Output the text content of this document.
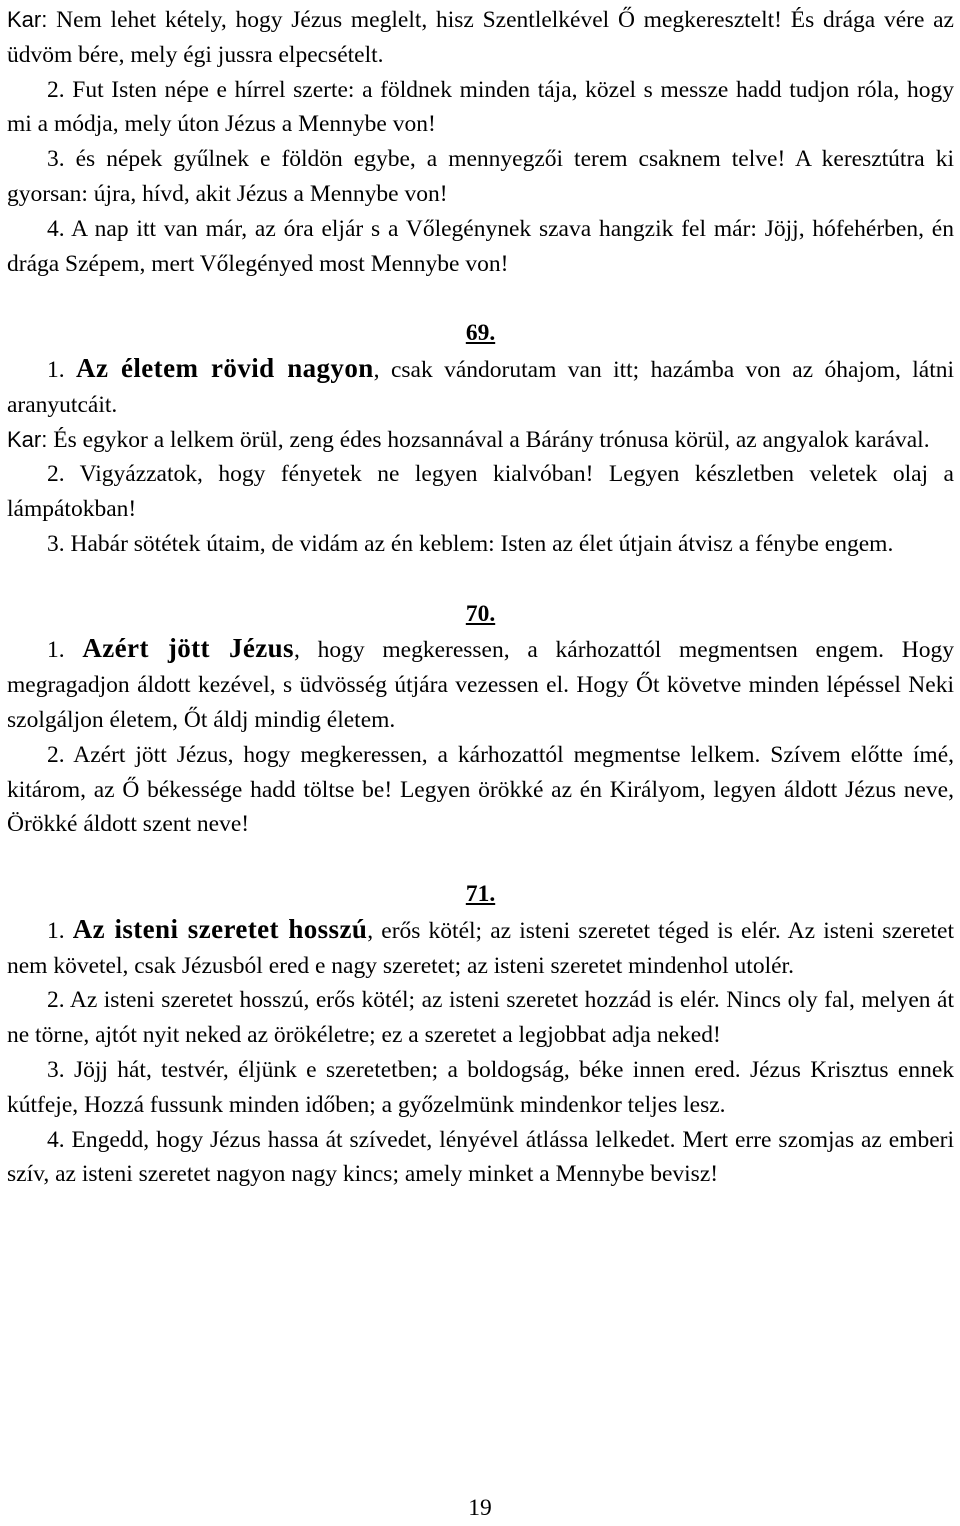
Kar: Nem lehet kétely, hogy Jézus meglelt, hisz Szentlelkével Ő megkeresztelt! És drága vére az üdvöm bére, mely égi jussra elpecsételt.

2. Fut Isten népe e hírrel szerte: a földnek minden tája, közel s messze hadd tudjon róla, hogy mi a módja, mely úton Jézus a Mennybe von!

3. és népek gyűlnek e földön egybe, a mennyegzői terem csaknem telve! A keresztútra ki gyorsan: újra, hívd, akit Jézus a Mennybe von!

4. A nap itt van már, az óra eljár s a Vőlegénynek szava hangzik fel már: Jöjj, hófehérben, én drága Szépem, mert Vőlegényed most Mennybe von!

69.

1. Az életem rövid nagyon, csak vándorutam van itt; hazámba von az óhajom, látni aranyutcáit.

Kar: És egykor a lelkem örül, zeng édes hozsannával a Bárány trónusa körül, az angyalok karával.

2. Vigyázzatok, hogy fényetek ne legyen kialvóban! Legyen készletben veletek olaj a lámpátokban!

3. Habár sötétek útaim, de vidám az én keblem: Isten az élet útjain átvisz a fénybe engem.

70.

1. Azért jött Jézus, hogy megkeressen, a kárhozattól megmentsen engem. Hogy megragadjon áldott kezével, s üdvösség útjára vezessen el. Hogy Őt követve minden lépéssel Neki szolgáljon életem, Őt áldj mindig életem.

2. Azért jött Jézus, hogy megkeressen, a kárhozattól megmentse lelkem. Szívem előtte ímé, kitárom, az Ő békessége hadd töltse be! Legyen örökké az én Királyom, legyen áldott Jézus neve, Örökké áldott szent neve!

71.

1. Az isteni szeretet hosszú, erős kötél; az isteni szeretet téged is elér. Az isteni szeretet nem követel, csak Jézusból ered e nagy szeretet; az isteni szeretet mindenhol utolér.

2. Az isteni szeretet hosszú, erős kötél; az isteni szeretet hozzád is elér. Nincs oly fal, melyen át ne törne, ajtót nyit neked az örökéletre; ez a szeretet a legjobbat adja neked!

3. Jöjj hát, testvér, éljünk e szeretetben; a boldogság, béke innen ered. Jézus Krisztus ennek kútfeje, Hozzá fussunk minden időben; a győzelmünk mindenkor teljes lesz.

4. Engedd, hogy Jézus hassa át szívedet, lényével átlássa lelkedet. Mert erre szomjas az emberi szív, az isteni szeretet nagyon nagy kincs; amely minket a Mennybe bevisz!

19
